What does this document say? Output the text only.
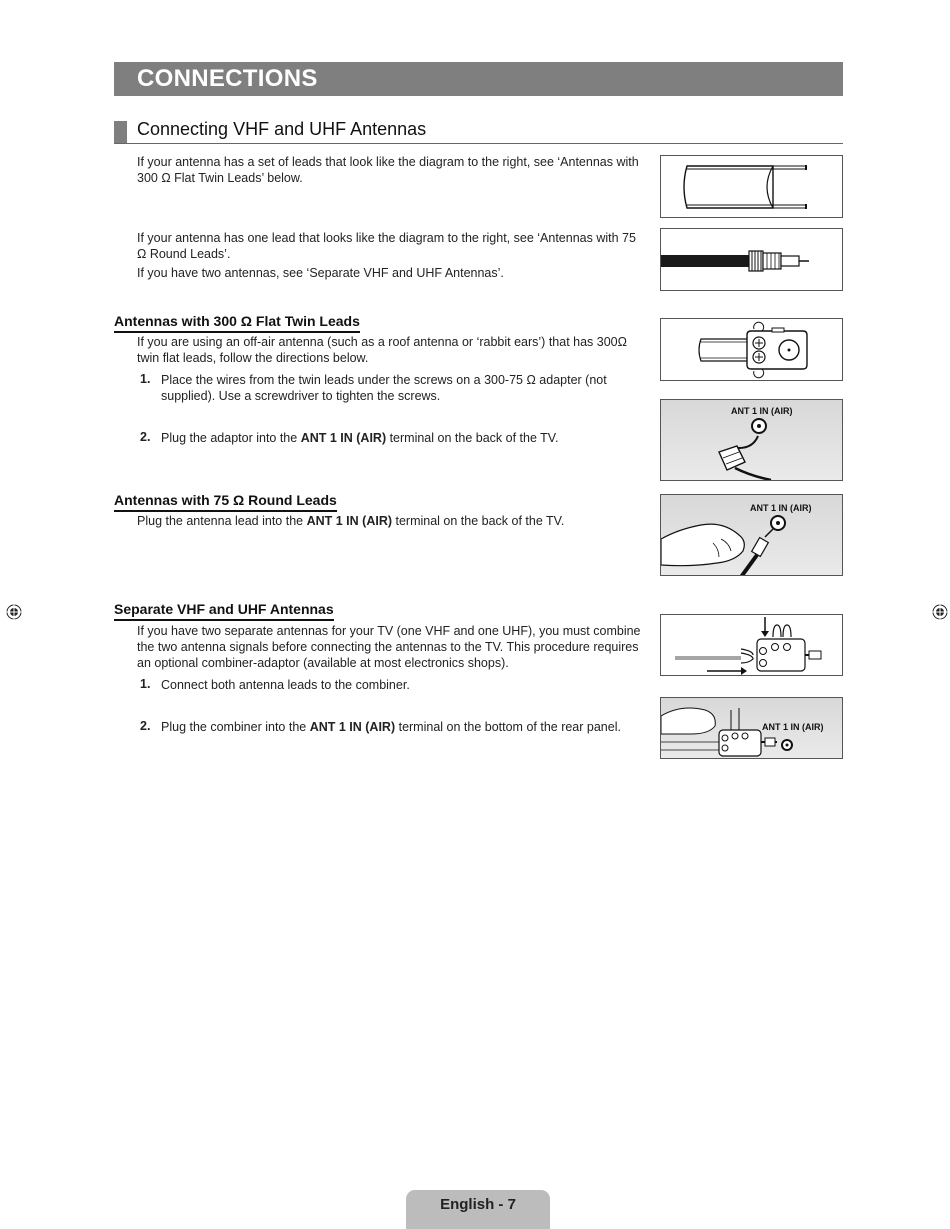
CONNECTIONS
Connecting VHF and UHF Antennas
If your antenna has a set of leads that look like the diagram to the right, see ‘Antennas with 300 Ω Flat Twin Leads’ below.
If your antenna has one lead that looks like the diagram to the right, see ‘Antennas with 75 Ω Round Leads’.
If you have two antennas, see ‘Separate VHF and UHF Antennas’.
Antennas with 300 Ω Flat Twin Leads
If you are using an off-air antenna (such as a roof antenna or ‘rabbit ears’) that has 300Ω twin flat leads, follow the directions below.
1. Place the wires from the twin leads under the screws on a 300-75 Ω adapter (not supplied). Use a screwdriver to tighten the screws.
2. Plug the adaptor into the ANT 1 IN (AIR) terminal on the back of the TV.
ANT 1 IN (AIR)
Antennas with 75 Ω Round Leads
Plug the antenna lead into the ANT 1 IN (AIR) terminal on the back of the TV.
ANT 1 IN (AIR)
Separate VHF and UHF Antennas
If you have two separate antennas for your TV (one VHF and one UHF), you must combine the two antenna signals before connecting the antennas to the TV. This procedure requires an optional combiner-adaptor (available at most electronics shops).
1. Connect both antenna leads to the combiner.
2. Plug the combiner into the ANT 1 IN (AIR) terminal on the bottom of the rear panel.	ANT 1 IN (AIR)
English - 7
